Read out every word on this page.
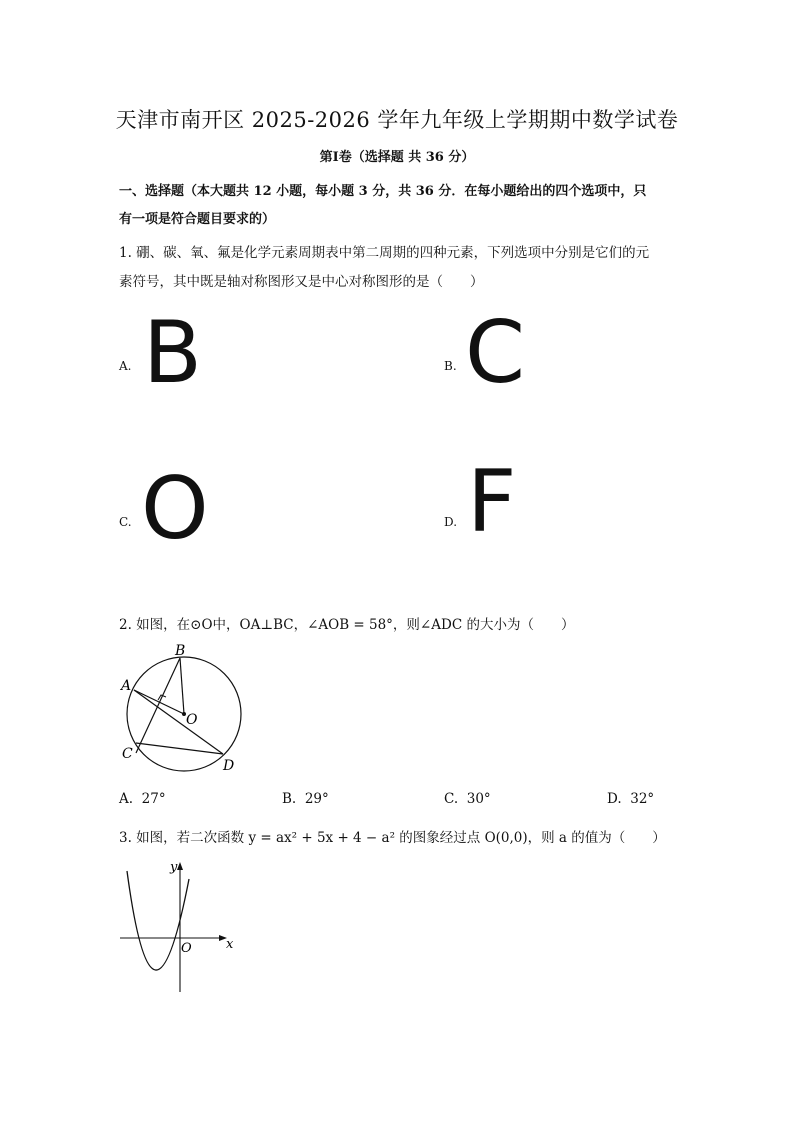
天津市南开区 2025-2026 学年九年级上学期期中数学试卷
第Ⅰ卷（选择题 共 36 分）
一、选择题（本大题共 12 小题，每小题 3 分，共 36 分．在每小题给出的四个选项中，只
有一项是符合题目要求的）
1. 硼、碳、氧、氟是化学元素周期表中第二周期的四种元素，下列选项中分别是它们的元
素符号，其中既是轴对称图形又是中心对称图形的是（　　）
A. B	B. C
C. O	D. F
2. 如图，在⊙O中，OA⊥BC，∠AOB = 58°，则∠ADC 的大小为（　　）
B
A
O
C
D
A. 27°	B. 29°	C. 30°	D. 32°
3. 如图，若二次函数 y = ax² + 5x + 4 − a² 的图象经过点 O(0,0)，则 a 的值为（　　）
x
y
O
